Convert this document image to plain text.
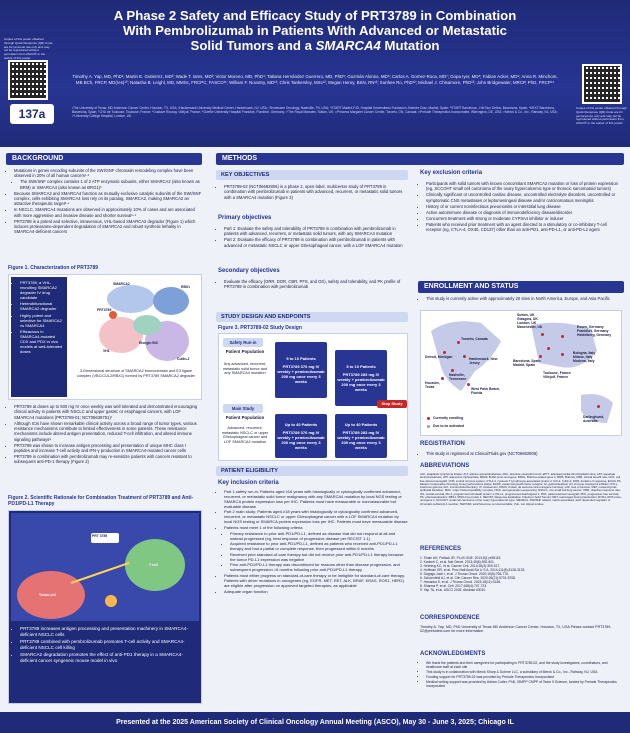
Copies of this poster obtained through Quick Response (QR) Code are for personal use only and may not be reproduced without permission from ASCO® or the author of this poster.
A Phase 2 Safety and Efficacy Study of PRT3789 in Combination
With Pembrolizumab in Patients With Advanced or Metastatic
Solid Tumors and a SMARCA4 Mutation
Timothy A. Yap, MD, PhD¹; Martin E. Gutierrez, MD²; Wade T. Iams, MD³; Victor Moreno, MD, PhD⁴; Tatiana Hernández Guerrero, MD, PhD⁵; Guzmán Alonso, MD⁶; Carlos A. Gomez-Roca, MD⁷; Gopa Iyer, MD⁸; Fabian Acker, MD⁹; Anna R. Minchom, MB BCh, FRCP, MD(res)¹⁰; Natasha B. Leighl, MD, MMSc, FRCPC, FASCO¹¹; William F. Novotny, MD¹²; Chris Tankersley, MSc¹²; Megan Henry, BSN, RN¹²; Sunhee Ro, PhD¹²; Michael J. Chisamore, PhD¹³; John Bridgewater, MRCP, PhD, FRCP¹⁴
¹The University of Texas, MD Anderson Cancer Center, Houston, TX, USA; ²Hackensack University Medical Center, Hackensack, NJ, USA; ³Tennessee Oncology, Nashville, TN, USA; ⁴START Madrid-FJD, Hospital Universitario Fundación Jiménez Díaz, Madrid, Spain; ⁵START Barcelona - HM Nou Delfos, Barcelona, Spain; ⁶NEXT Barcelona, Barcelona, Spain; ⁷CHU de Toulouse, Toulouse, France; ⁸Gustave Roussy, Villejuif, France; ⁹Goethe University Hospital Frankfurt, Frankfurt, Germany; ¹⁰The Royal Marsden, Sutton, UK; ¹¹Princess Margaret Cancer Centre, Toronto, ON, Canada; ¹²Prelude Therapeutics Incorporated, Wilmington, DE, USA; ¹³Merck & Co., Inc., Rahway, NJ, USA; ¹⁴University College Hospital, London, UK
Copies of this poster obtained through Quick Response (QR) Code are for personal use only and may not be reproduced without permission from ASCO® or the author of this poster.
137a
BACKGROUND
• Mutations in genes encoding subunits of the SWI/SNF chromatin remodeling complex have been observed in 20% of all human cancers¹·²
• The SWI/SNF complex contains 1 of 2 ATP enzymatic subunits, either SMARCA2 (also known as BRM) or SMARCA4 (also known as BRG1)³
• Because SMARCA2 and SMARCA4 function as mutually exclusive catalytic subunits of the SWI/SNF complex, cells exhibiting SMARCA4 loss rely on its paralog, SMARCA2, making SMARCA2 an attractive therapeutic target³·⁴
• In NSCLC, SMARCA4 mutations are observed in approximately 10% of cases and are associated with more aggressive and invasive disease and shorter survival⁵·⁶
• PRT3789 is a potent and selective, intravenous, VHL-based SMARCA2 degrader (Figure 1) which induces proteasome-dependent degradation of SMARCA2 and robust synthetic lethality in SMARCA4-deficient cancers
Figure 1. Characterization of PRT3789
• PRT3789, a VHL-recruiting SMARCA2 degrader IV drug candidate
• Heterobifunctional SMARCA2 degrader
• Highly potent and selective for SMARCA2 vs SMARCA4
• Efficacious in SMARCA4-mutated CDX and PDX in vivo models at well-tolerated doses
SMARCA2
RBX1
PRT3789
VHL
Elongin B/C
Cullin-2
3-Dimensional structure of SMARCA2 bromodomain and E3 ligase complex (VBC/CUL2/RBX1) formed by PRT3789 SMARCA2 degrader
• PRT3789 at doses up to 500 mg IV once weekly was well tolerated and demonstrated encouraging clinical activity in patients with NSCLC and upper gastric or esophageal cancers, with LOF SMARCA4 mutations (PRT3789-01; NCT05639751)⁷
• Although ICIs have shown remarkable clinical activity across a broad range of tumor types, various resistance mechanisms contribute to limited effectiveness in some patients. These resistance mechanisms include altered antigen presentation, reduced T-cell infiltration, and altered immune signaling pathways⁸
• PRT3789 was shown to increase antigen processing and presentation of unique MHC class I peptides and increase T-cell activity and IFN-γ production in SMARCA4-mutated cancer cells
• PRT3789 in combination with pembrolizumab may re-sensitize patients with cancers resistant to subsequent anti-PD-1 therapy (Figure 2)
Figure 2. Scientific Rationale for Combination Treatment of PRT3789 and Anti-PD1/PD-L1 Therapy
PRT 3789
T cell
Tumor cell
• PRT3789 increases antigen processing and presentation machinery in SMARCA4-deficient NSCLC cells
• PRT3789 combined with pembrolizumab promotes T-cell activity and SMARCA4-deficient NSCLC cell killing
• SMARCA2 degradation promotes the effect of anti-PD1 therapy in a SMARCA4-deficient cancer syngeneic mouse model in vivo
METHODS
KEY OBJECTIVES
• PRT3789-02 (NCT06682806) is a phase 2, open-label, multicenter study of PRT3789 in combination with pembrolizumab in patients with advanced, recurrent, or metastatic solid tumors with a SMARCA4 mutation (Figure 3)
Primary objectives
• Part 1: Evaluate the safety and tolerability of PRT3789 in combination with pembrolizumab in patients with advanced, recurrent, or metastatic solid tumors, with any SMARCA4 mutation
• Part 2: Evaluate the efficacy of PRT3789 in combination with pembrolizumab in patients with advanced or metastatic NSCLC or upper GI/esophageal cancer, with a LOF SMARCA4 mutation
Secondary objectives
• Evaluate the efficacy (ORR, DOR, CBR, PFS, and OS), safety and tolerability, and PK profile of PRT3789 in combination with pembrolizumab
STUDY DESIGN AND ENDPOINTS
Figure 3. PRT3789-02 Study Design
Safety Run-in
Patient Population
Any advanced, recurrent, metastatic solid tumor and any SMARCA4 mutation
5 to 10 Patients
PRT3789 376 mg IV weekly + pembrolizumab 200 mg once every 3 weeks
5 to 10 Patients
PRT3789 283 mg IV weekly + pembrolizumab 200 mg once every 3 weeks
Stop Study
Main Study
Patient Population
Advanced, recurrent, metastatic NSCLC or upper GI/esophageal cancer and LOF SMARCA4 mutation
Up to 40 Patients
PRT3789 376 mg IV weekly + pembrolizumab 200 mg once every 3 weeks
Up to 40 Patients
PRT3789 283 mg IV weekly + pembrolizumab 200 mg once every 3 weeks
PATIENT ELIGIBILITY
Key inclusion criteria
• Part 1 safety run-in: Patients aged ≥18 years with histologically or cytologically confirmed advanced, recurrent, or metastatic solid tumor malignancy with any SMARCA4 mutation by local NGS testing or SMARCA protein expression loss per IHC. Patients must have measurable or nonmeasurable but evaluable disease
• Part 2 main study: Patients aged ≥18 years with histologically or cytologically confirmed advanced, recurrent, or metastatic NSCLC or upper GI/esophageal cancer with a LOF SMARCA4 mutation by local NGS testing or SMARCA protein expression loss per IHC. Patients must have measurable disease
• Patients must meet 1 of the following criteria
• Primary resistance to prior anti-PD1/PD-L1, defined as disease that did not respond at all and instead progressed (eg, best response of progressive disease per RECIST 1.1)
• Acquired resistance to prior anti-PD1/PD-L1, defined as patients who received anti-PD1/PD-L1 therapy and had a partial or complete response, then progressed within 6 months
• Received prior standard-of-care therapy but did not receive prior anti-PD1/PD-L1 therapy because the tumor PD-L1 expression was negative
• Prior anti-PD1/PD-L1 therapy was discontinued for reasons other than disease progression, and subsequent progression >6 months following prior anti-PD1/PD-L1 therapy
• Patients must either progress on standard-of-care therapy or be ineligible for standard-of-care therapy. Patients with driver mutations in oncogenes (eg, EGFR, MET, RET, ALK, BRAF, KRAS, ROS1, HER2) are eligible after progression on approved targeted therapies, as applicable
• Adequate organ function
Key exclusion criteria
• Participants with solid tumors with known concomitant SMARCA2 mutation or loss of protein expression (eg, SCCOHT small cell carcinoma of the ovary hypercalcemic type or thoracic sarcomatoid tumors)
• Clinically significant or uncontrolled cardiac disease, uncontrolled electrolyte disorders, uncontrolled or symptomatic CNS metastases or leptomeningeal disease and/or carcinomatous meningitis
• History of or current noninfectious pneumonitis or interstitial lung disease
• Active autoimmune disease or diagnosis of immunodeficiency disease/disorder
• Concurrent treatment with strong or moderate CYP3A4 inhibitor or inducer
• Patients who received prior treatment with an agent directed to a stimulatory or co-inhibitory T-cell receptor (eg, CTLA-4, OX40, CD137) other than an anti-PD1, anti-PD-L1, or anti-PD-L2 agent
ENROLLMENT AND STATUS
• This study is currently active with approximately 20 sites in North America, Europe, and Asia Pacific
Toronto, Canada
Detroit, Michigan	Hackensack, New Jersey
Houston, Texas
Nashville, Tennessee
West Palm Beach, Florida
Sutton, UK Glasgow, UK London, UK Manchester, UK	Essen, Germany Frankfurt, Germany Heidelberg, Germany
Bologna, Italy Milano, Italy Modena, Italy
Barcelona, Spain Madrid, Spain
Toulouse, France Villejuif, France
Darlinghurst, Australia
Currently enrolling
Due to be activated
REGISTRATION
• This study is registered at ClinicalTrials.gov (NCT06682806)
ABBREVIATIONS
ALK, anaplastic lymphoma kinase; ALT, alanine aminotransferase; ANC, absolute neutrophil count; aPTT, activated partial thromboplastin time; AST, aspartate aminotransferase; ATP, adenosine triphosphate; BRAF, B-Raf proto-oncogene; BRG1, Brahma-related gene 1; BRM, Brahma; CBR, clinical benefit rate; CDX, cell line-derived xenograft; CNS, central nervous system; CTLA-4, cytotoxic T-lymphocyte-associated protein 4; CUL2, Cullin-2; DOR, duration of response; ECOG PS, Eastern Cooperative Oncology Group performance status; EGFR, epidermal growth factor receptor; GI, gastrointestinal; ICI, immune checkpoint inhibitor; IFN-γ, interferon gamma; IHC, immunohistochemistry; IV, intravenous; KRAS, Kirsten rat sarcoma viral oncogene homolog; LOF, loss of function; MET, mesenchymal-epithelial transition; MHC, major histocompatibility complex; NGS, next-generation sequencing; NSCLC, non-small cell lung cancer; ORR, objective response rate; OS, overall survival; PD-1, programmed cell death protein 1; PD-L1, programmed death-ligand 1; PDX, patient-derived xenograft; PFS, progression-free survival; PK, pharmacokinetics; RBX1, RING-box protein 1; RECIST, Response Evaluation Criteria in Solid Tumors; RET, rearranged during transfection; ROS1, ROS proto-oncogene 1; SCCOHT, small cell carcinoma of the ovary hypercalcemic type; SMARCA, SWI/SNF related, matrix associated, actin dependent regulator of chromatin subfamily A member; SWI/SNF, switch/sucrose non-fermentable; VHL, von Hippel-Lindau.
REFERENCES
1. Shain AH, Pollack JR. PLoS ONE. 2013;8(1):e55119.
2. Kadoch C, et al. Nat Genet. 2013;45(6):592-601.
3. Helming KC, et al. Cancer Cell. 2014;26(3):309-317.
4. Hoffman GR, et al. Proc Natl Acad Sci U S A. 2014;111(8):3128-3133.
5. Dagogo-Jack I, et al. J Thorac Oncol. 2020;15(5):766-776.
6. Schoenfeld AJ, et al. Clin Cancer Res. 2020;26(21):5701-5708.
7. Hanaoka S, et al. J Thorac Oncol. 2023;18(11):S155.
8. Sharma P, et al. Cell. 2017;168(4):707-723.
9. Yap TA, et al. ASCO 2025. Abstract #3010.
CORRESPONDENCE
Timothy A. Yap, MD, PhD University of Texas MD Anderson Cancer Center, Houston, TX, USA Please contact PRT3789-02@preludetx.com for more information
ACKNOWLEDGMENTS
• We thank the patients and their caregivers for participating in PRT3789-02, and the study investigators, coordinators, and healthcare staff at each site
• This study is in collaboration with Merck Sharp & Dohme LLC, a subsidiary of Merck & Co., Inc., Rahway, NJ, USA
• Funding support for PRT3789-02 was provided by Prelude Therapeutics Incorporated
• Medical writing support was provided by Adrian Cotter, PhD, ISMPP CMPP of Team 9 Science, funded by Prelude Therapeutics Incorporated
Presented at the 2025 American Society of Clinical Oncology Annual Meeting (ASCO), May 30 - June 3, 2025; Chicago IL
